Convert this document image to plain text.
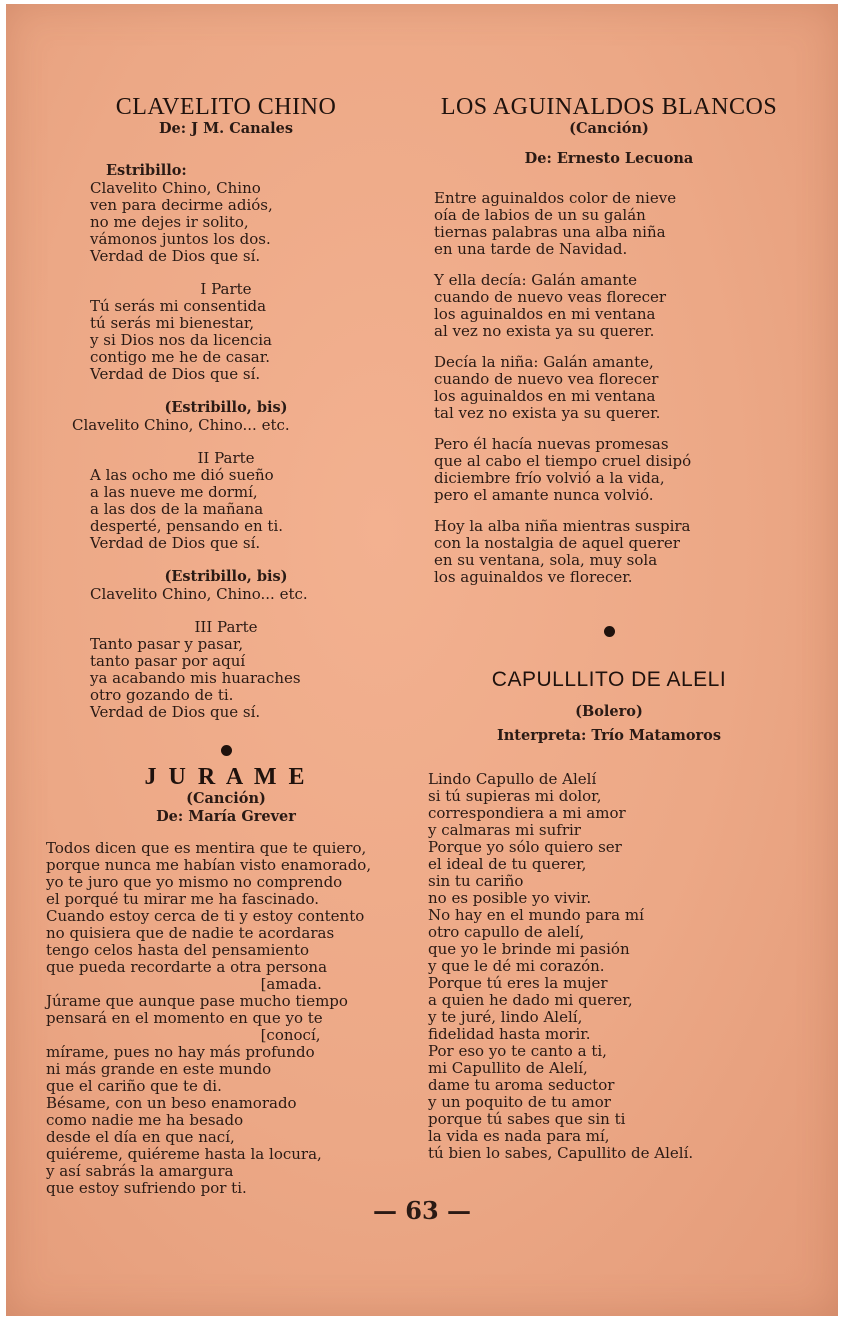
CLAVELITO CHINO
De: J M. Canales
Estribillo:
Clavelito Chino, Chino
ven para decirme adiós,
no me dejes ir solito,
vámonos juntos los dos.
Verdad de Dios que sí.
I Parte
Tú serás mi consentida
tú serás mi bienestar,
y si Dios nos da licencia
contigo me he de casar.
Verdad de Dios que sí.
(Estribillo, bis)
Clavelito Chino, Chino... etc.
II Parte
A las ocho me dió sueño
a las nueve me dormí,
a las dos de la mañana
desperté, pensando en ti.
Verdad de Dios que sí.
(Estribillo, bis)
Clavelito Chino, Chino... etc.
III Parte
Tanto pasar y pasar,
tanto pasar por aquí
ya acabando mis huaraches
otro gozando de ti.
Verdad de Dios que sí.
J U R A M E
(Canción)
De: María Grever
Todos dicen que es mentira que te quiero,
porque nunca me habían visto enamorado,
yo te juro que yo mismo no comprendo
el porqué tu mirar me ha fascinado.
Cuando estoy cerca de ti y estoy contento
no quisiera que de nadie te acordaras
tengo celos hasta del pensamiento
que pueda recordarte a otra persona
[amada.
Júrame que aunque pase mucho tiempo
pensará en el momento en que yo te
[conocí,
mírame, pues no hay más profundo
ni más grande en este mundo
que el cariño que te di.
Bésame, con un beso enamorado
como nadie me ha besado
desde el día en que nací,
quiéreme, quiéreme hasta la locura,
y así sabrás la amargura
que estoy sufriendo por ti.
LOS AGUINALDOS BLANCOS
(Canción)
De: Ernesto Lecuona
Entre aguinaldos color de nieve
oía de labios de un su galán
tiernas palabras una alba niña
en una tarde de Navidad.
Y ella decía: Galán amante
cuando de nuevo veas florecer
los aguinaldos en mi ventana
al vez no exista ya su querer.
Decía la niña: Galán amante,
cuando de nuevo vea florecer
los aguinaldos en mi ventana
tal vez no exista ya su querer.
Pero él hacía nuevas promesas
que al cabo el tiempo cruel disipó
diciembre frío volvió a la vida,
pero el amante nunca volvió.
Hoy la alba niña mientras suspira
con la nostalgia de aquel querer
en su ventana, sola, muy sola
los aguinaldos ve florecer.
CAPULLLITO DE ALELI
(Bolero)
Interpreta: Trío Matamoros
Lindo Capullo de Alelí
si tú supieras mi dolor,
correspondiera a mi amor
y calmaras mi sufrir
Porque yo sólo quiero ser
el ideal de tu querer,
sin tu cariño
no es posible yo vivir.
No hay en el mundo para mí
otro capullo de alelí,
que yo le brinde mi pasión
y que le dé mi corazón.
Porque tú eres la mujer
a quien he dado mi querer,
y te juré, lindo Alelí,
fidelidad hasta morir.
Por eso yo te canto a ti,
mi Capullito de Alelí,
dame tu aroma seductor
y un poquito de tu amor
porque tú sabes que sin ti
la vida es nada para mí,
tú bien lo sabes, Capullito de Alelí.
— 63 —
